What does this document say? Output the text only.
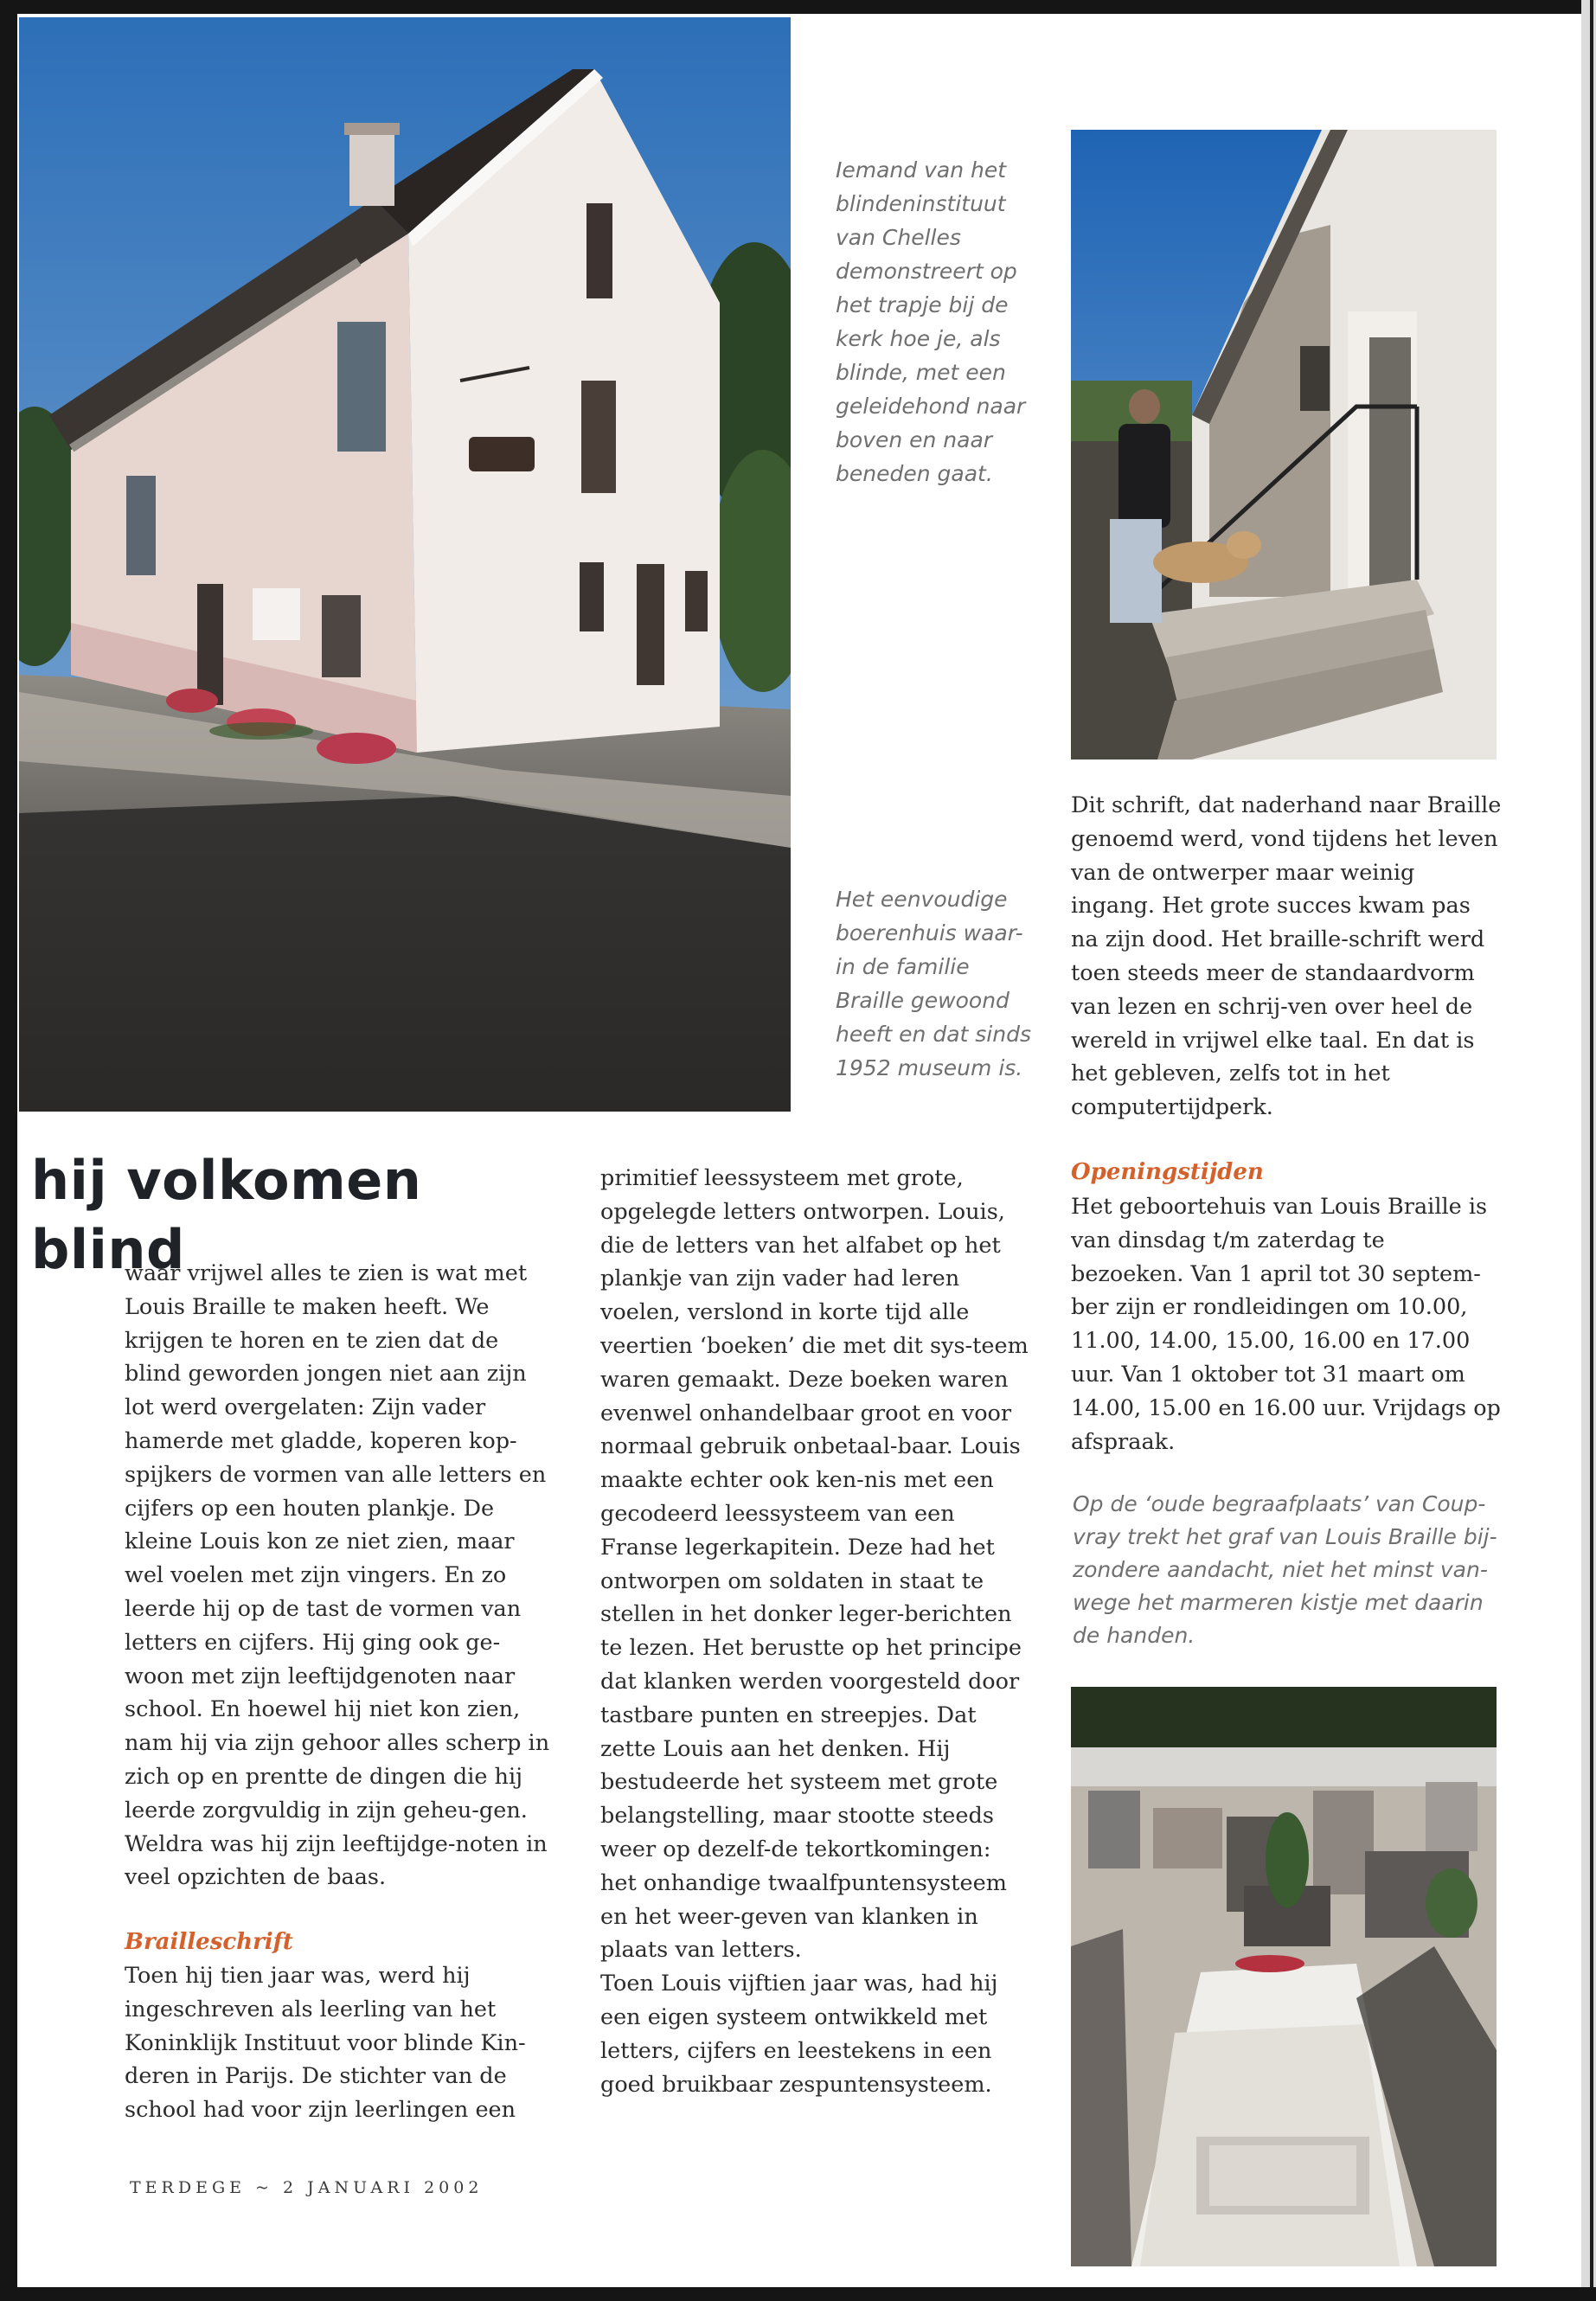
Iemand van het blindeninstituut van Chelles demonstreert op het trapje bij de kerk hoe je, als blinde, met een geleidehond naar boven en naar beneden gaat.

Het eenvoudige boerenhuis waar-in de familie Braille gewoond heeft en dat sinds 1952 museum is.

Op de ‘oude begraafplaats’ van Coup-vray trekt het graf van Louis Braille bij-zondere aandacht, niet het minst van-wege het marmeren kistje met daarin de handen.

hij volkomen blind

waar vrijwel alles te zien is wat met Louis Braille te maken heeft. We krijgen te horen en te zien dat de blind geworden jongen niet aan zijn lot werd overgelaten: Zijn vader hamerde met gladde, koperen kop-spijkers de vormen van alle letters en cijfers op een houten plankje. De kleine Louis kon ze niet zien, maar wel voelen met zijn vingers. En zo leerde hij op de tast de vormen van letters en cijfers. Hij ging ook ge-woon met zijn leeftijdgenoten naar school. En hoewel hij niet kon zien, nam hij via zijn gehoor alles scherp in zich op en prentte de dingen die hij leerde zorgvuldig in zijn geheu-gen. Weldra was hij zijn leeftijdge-noten in veel opzichten de baas.

Brailleschrift

Toen hij tien jaar was, werd hij ingeschreven als leerling van het Koninklijk Instituut voor blinde Kin-deren in Parijs. De stichter van de school had voor zijn leerlingen een

primitief leessysteem met grote, opgelegde letters ontworpen. Louis, die de letters van het alfabet op het plankje van zijn vader had leren voelen, verslond in korte tijd alle veertien ‘boeken’ die met dit sys-teem waren gemaakt. Deze boeken waren evenwel onhandelbaar groot en voor normaal gebruik onbetaal-baar. Louis maakte echter ook ken-nis met een gecodeerd leessysteem van een Franse legerkapitein. Deze had het ontworpen om soldaten in staat te stellen in het donker leger-berichten te lezen. Het berustte op het principe dat klanken werden voorgesteld door tastbare punten en streepjes. Dat zette Louis aan het denken. Hij bestudeerde het systeem met grote belangstelling, maar stootte steeds weer op dezelf-de tekortkomingen: het onhandige twaalfpuntensysteem en het weer-geven van klanken in plaats van letters.

Toen Louis vijftien jaar was, had hij een eigen systeem ontwikkeld met letters, cijfers en leestekens in een goed bruikbaar zespuntensysteem.

Dit schrift, dat naderhand naar Braille genoemd werd, vond tijdens het leven van de ontwerper maar weinig ingang. Het grote succes kwam pas na zijn dood. Het braille-schrift werd toen steeds meer de standaardvorm van lezen en schrij-ven over heel de wereld in vrijwel elke taal. En dat is het gebleven, zelfs tot in het computertijdperk.

Openingstijden

Het geboortehuis van Louis Braille is van dinsdag t/m zaterdag te bezoeken. Van 1 april tot 30 septem-ber zijn er rondleidingen om 10.00, 11.00, 14.00, 15.00, 16.00 en 17.00 uur. Van 1 oktober tot 31 maart om 14.00, 15.00 en 16.00 uur. Vrijdags op afspraak.

TERDEGE ~ 2 JANUARI 2002
